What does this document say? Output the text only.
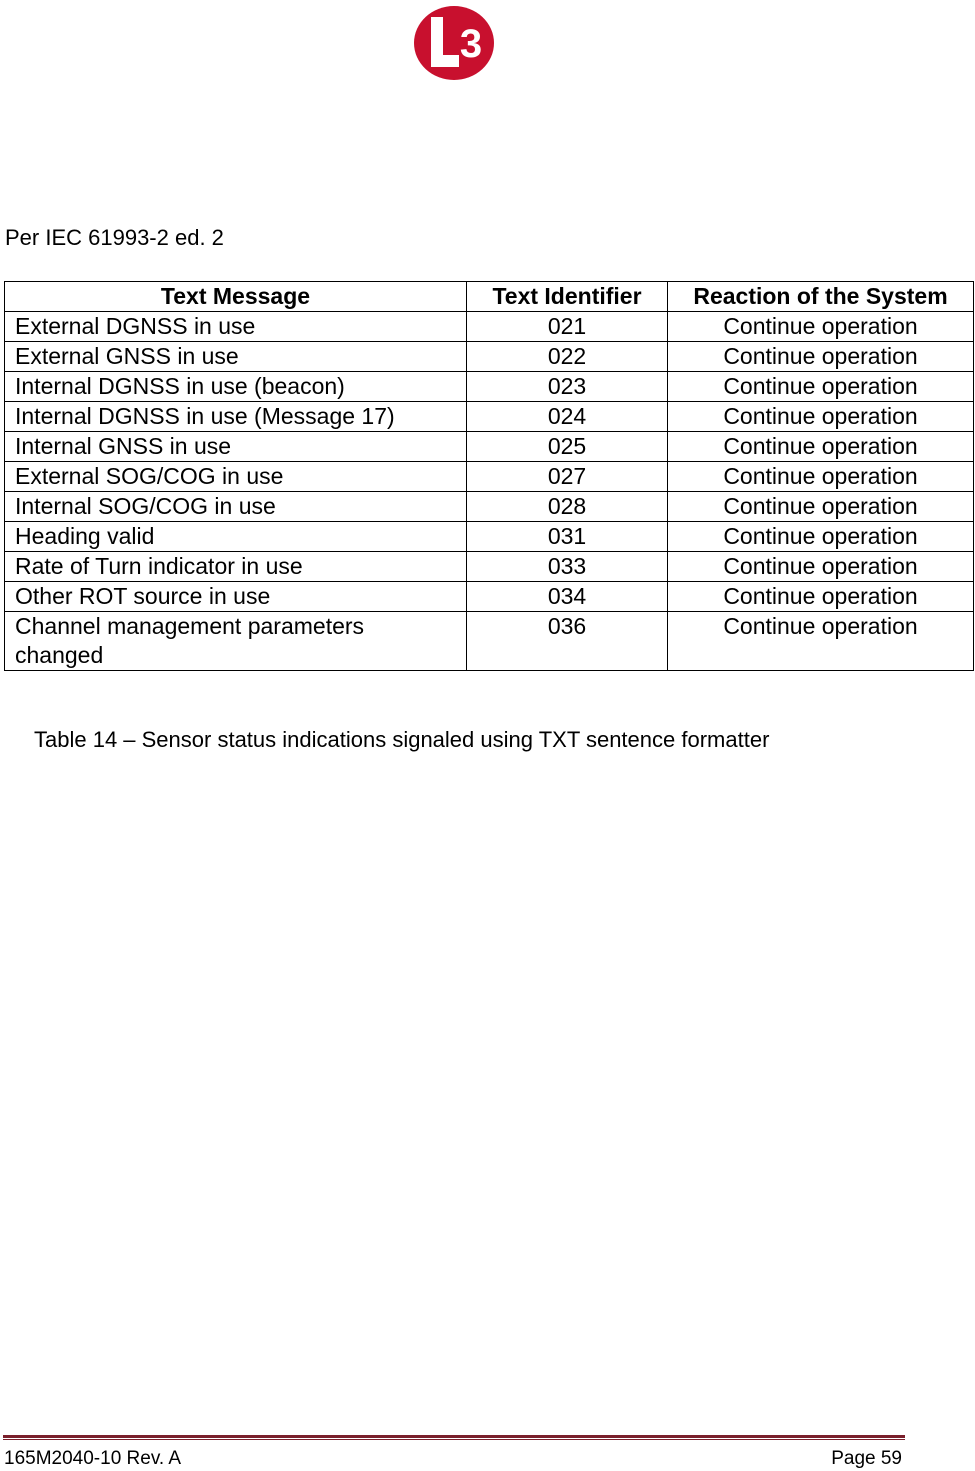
3

Per IEC 61993-2 ed. 2

Text Message	Text Identifier	Reaction of the System
External DGNSS in use	021	Continue operation
External GNSS in use	022	Continue operation
Internal DGNSS in use (beacon)	023	Continue operation
Internal DGNSS in use (Message 17)	024	Continue operation
Internal GNSS in use	025	Continue operation
External SOG/COG in use	027	Continue operation
Internal SOG/COG in use	028	Continue operation
Heading valid	031	Continue operation
Rate of Turn indicator in use	033	Continue operation
Other ROT source in use	034	Continue operation
Channel management parameters changed	036	Continue operation

Table 14 – Sensor status indications signaled using TXT sentence formatter

165M2040-10 Rev. A	Page 59
